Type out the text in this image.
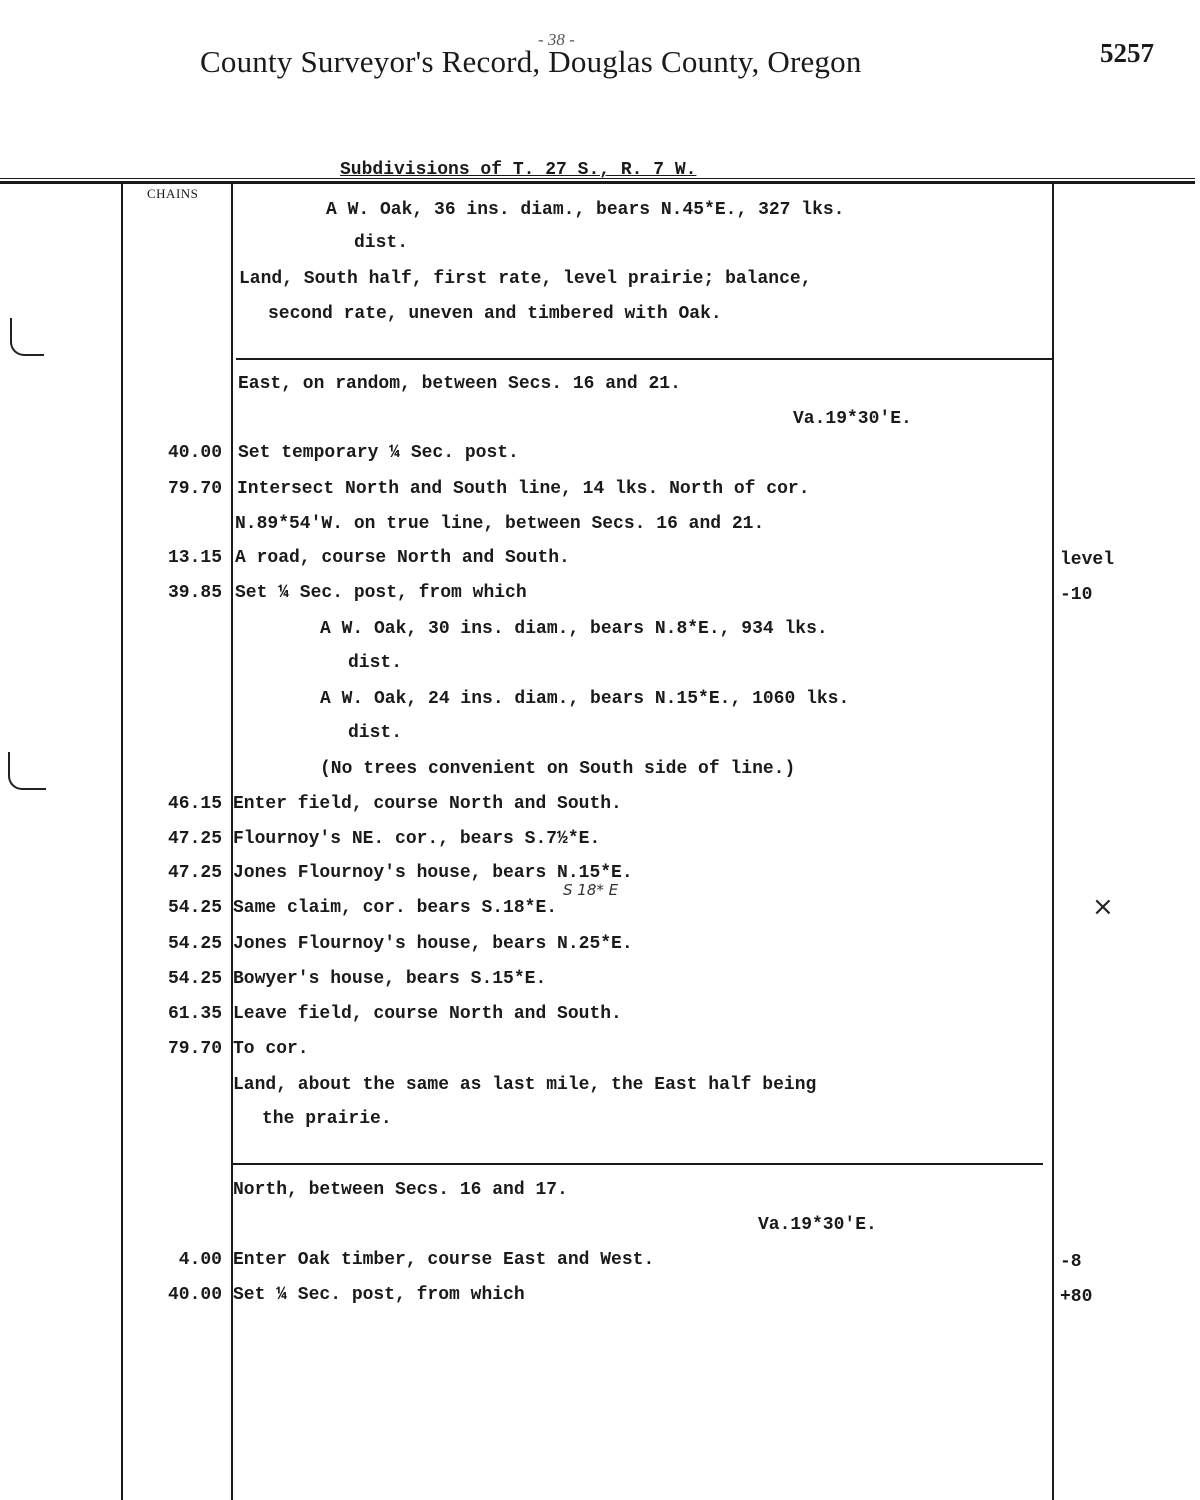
- 38 -
County Surveyor's Record, Douglas County, Oregon	5257
Subdivisions of T. 27 S., R. 7 W.
CHAINS
A W. Oak, 36 ins. diam., bears N.45*E., 327 lks.
dist.
Land, South half, first rate, level prairie; balance,
second rate, uneven and timbered with Oak.
East, on random, between Secs. 16 and 21.
Va.19*30'E.
40.00 Set temporary ¼ Sec. post.
79.70 Intersect North and South line, 14 lks. North of cor.
N.89*54'W. on true line, between Secs. 16 and 21.
13.15 A road, course North and South.	level
39.85 Set ¼ Sec. post, from which	-10
A W. Oak, 30 ins. diam., bears N.8*E., 934 lks.
dist.
A W. Oak, 24 ins. diam., bears N.15*E., 1060 lks.
dist.
(No trees convenient on South side of line.)
46.15 Enter field, course North and South.
47.25 Flournoy's NE. cor., bears S.7½*E.
47.25 Jones Flournoy's house, bears N.15*E.
54.25 Same claim, cor. bears S.18*E.
54.25 Jones Flournoy's house, bears N.25*E.
54.25 Bowyer's house, bears S.15*E.
61.35 Leave field, course North and South.
79.70 To cor.
Land, about the same as last mile, the East half being
the prairie.
North, between Secs. 16 and 17.
Va.19*30'E.
4.00 Enter Oak timber, course East and West.	-8
40.00 Set ¼ Sec. post, from which	+80
S 18* E
×
